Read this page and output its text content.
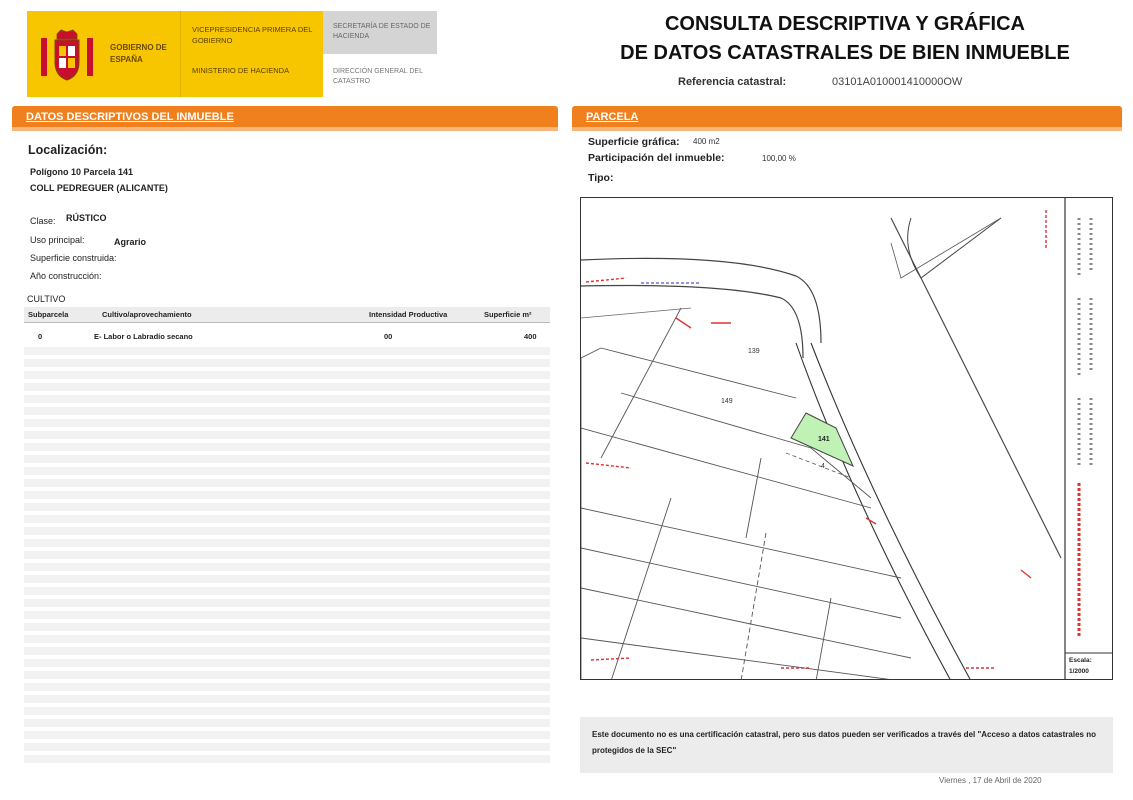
GOBIERNO DE ESPAÑA
VICEPRESIDENCIA PRIMERA DEL GOBIERNO
MINISTERIO DE HACIENDA
SECRETARÍA DE ESTADO DE HACIENDA
DIRECCIÓN GENERAL DEL CATASTRO
CONSULTA DESCRIPTIVA Y GRÁFICA
DE DATOS CATASTRALES DE BIEN INMUEBLE
Referencia catastral:	03101A010001410000OW
DATOS DESCRIPTIVOS DEL INMUEBLE
Localización:
Polígono 10 Parcela 141
COLL PEDREGUER (ALICANTE)
Clase: RÚSTICO
Uso principal:	Agrario
Superficie construida:
Año construcción:
CULTIVO
Subparcela	Cultivo/aprovechamiento	Intensidad Productiva	Superficie m²
0	E- Labor o Labradío secano	00	400
PARCELA
Superficie gráfica: 400 m2
Participación del inmueble:	100,00 %
Tipo:
139
149
141
4
Escala:
1/2000
Este documento no es una certificación catastral, pero sus datos pueden ser verificados a través del "Acceso a datos catastrales no protegidos de la SEC"
Viernes , 17 de Abril de 2020
